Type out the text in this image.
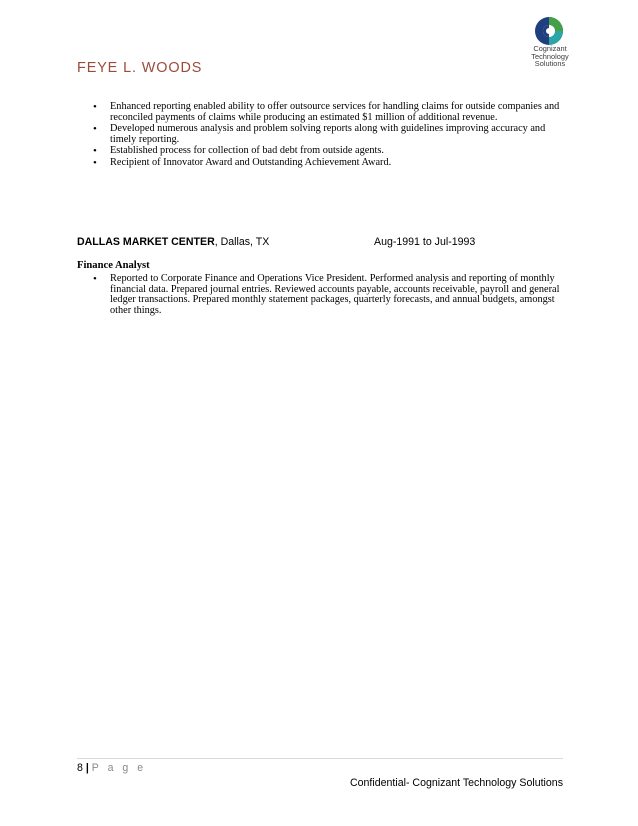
Cognizant
Technology
Solutions
FEYE L. WOODS
• Enhanced reporting enabled ability to offer outsource services for handling claims for outside companies and reconciled payments of claims while producing an estimated $1 million of additional revenue.
• Developed numerous analysis and problem solving reports along with guidelines improving accuracy and timely reporting.
• Established process for collection of bad debt from outside agents.
• Recipient of Innovator Award and Outstanding Achievement Award.
DALLAS MARKET CENTER, Dallas, TX	Aug-1991 to Jul-1993
Finance Analyst
• Reported to Corporate Finance and Operations Vice President. Performed analysis and reporting of monthly financial data. Prepared journal entries. Reviewed accounts payable, accounts receivable, payroll and general ledger transactions. Prepared monthly statement packages, quarterly forecasts, and annual budgets, amongst other things.
8 | P a g e
Confidential- Cognizant Technology Solutions
